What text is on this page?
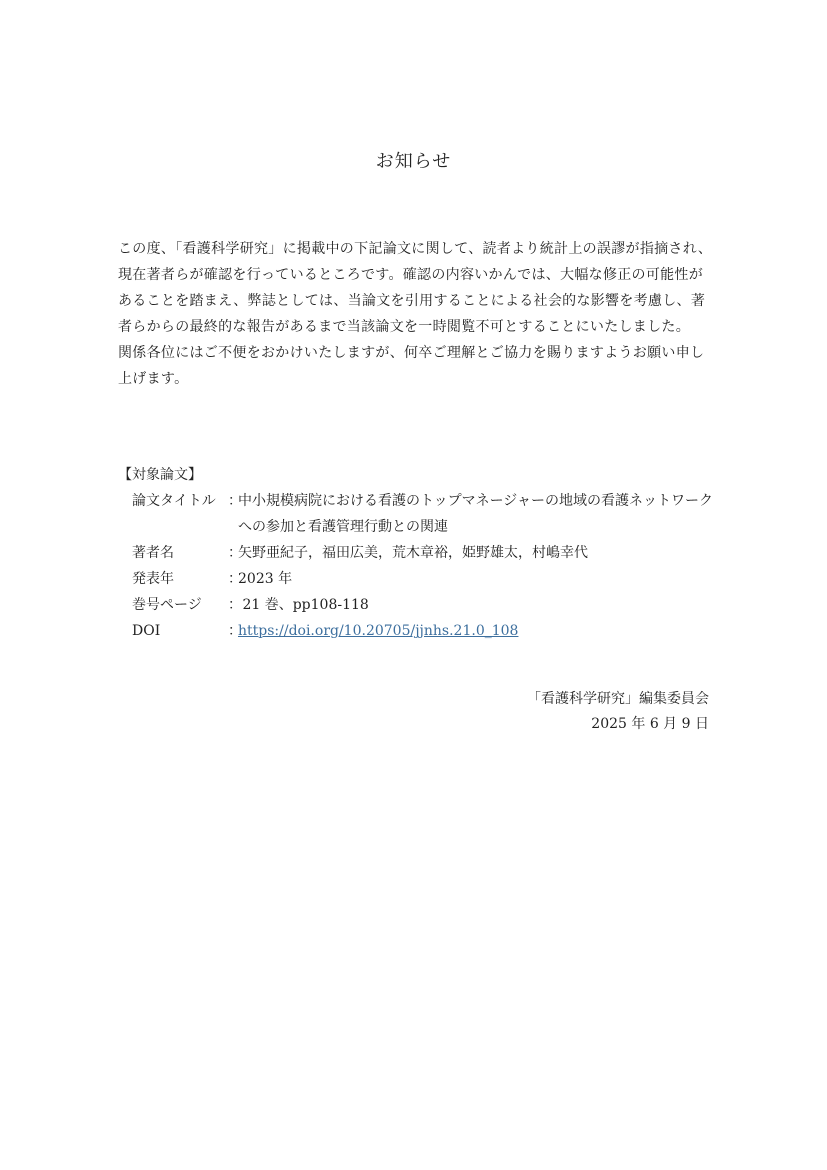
お知らせ

この度、「看護科学研究」に掲載中の下記論文に関して、読者より統計上の誤謬が指摘され、現在著者らが確認を行っているところです。確認の内容いかんでは、大幅な修正の可能性があることを踏まえ、弊誌としては、当論文を引用することによる社会的な影響を考慮し、著者らからの最終的な報告があるまで当該論文を一時閲覧不可とすることにいたしました。

関係各位にはご不便をおかけいたしますが、何卒ご理解とご協力を賜りますようお願い申し上げます。

【対象論文】
論文タイトル ：
中小規模病院における看護のトップマネージャーの地域の看護ネットワークへの参加と看護管理行動との関連
著者名	：
矢野亜紀子，福田広美，荒木章裕，姫野雄太，村嶋幸代
発表年	：
2023 年
巻号ページ	：
21 巻、pp108-118
DOI	：
https://doi.org/10.20705/jjnhs.21.0_108
「看護科学研究」編集委員会
2025 年 6 月 9 日
